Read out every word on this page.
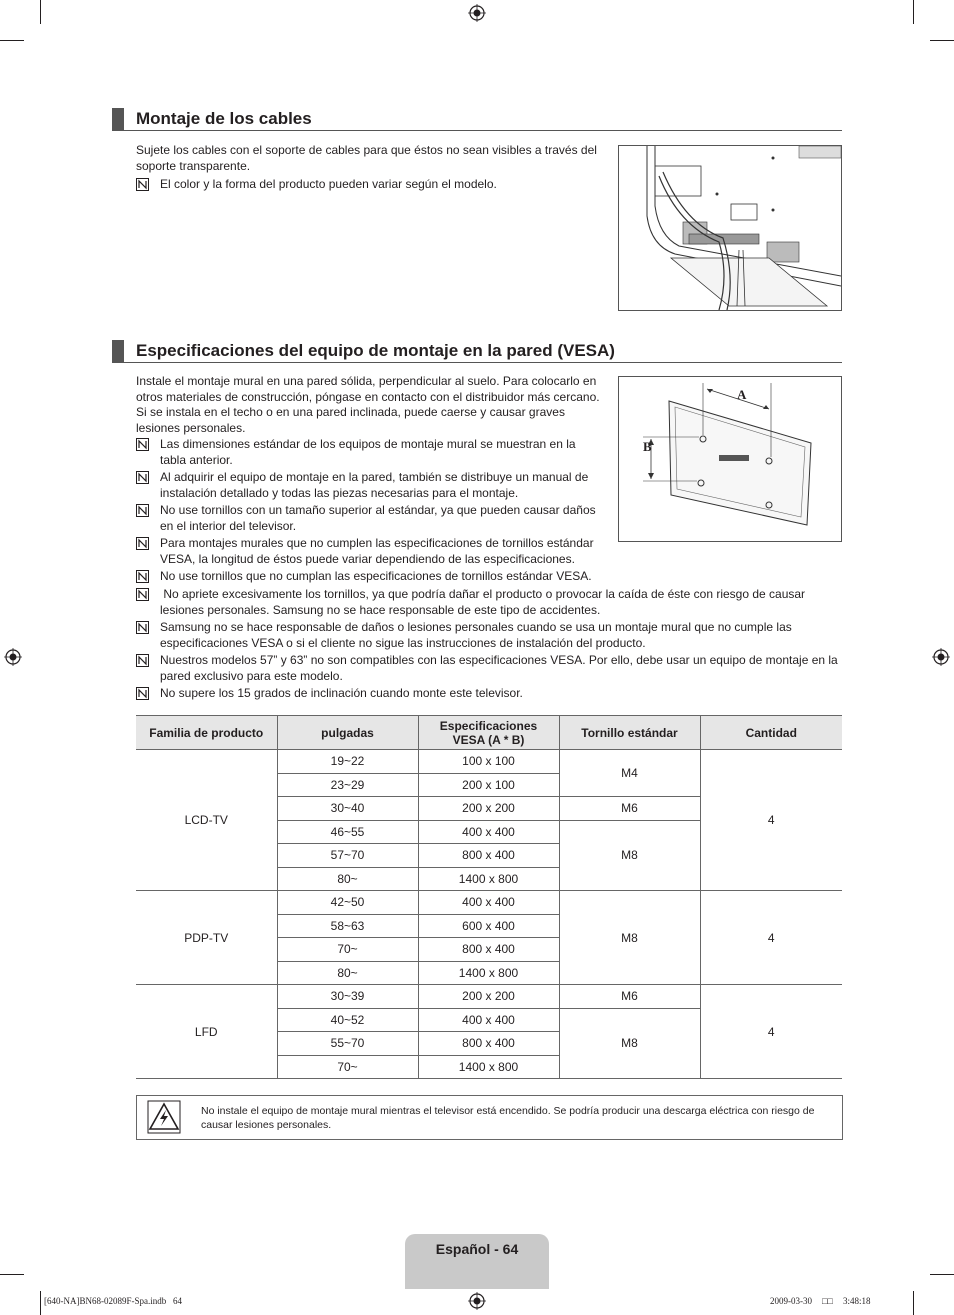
Montaje de los cables
Sujete los cables con el soporte de cables para que éstos no sean visibles a través del soporte transparente.
El color y la forma del producto pueden variar según el modelo.
Especificaciones del equipo de montaje en la pared (VESA)
Instale el montaje mural en una pared sólida, perpendicular al suelo. Para colocarlo en otros materiales de construcción, póngase en contacto con el distribuidor más cercano. Si se instala en el techo o en una pared inclinada, puede caerse y causar graves lesiones personales.
A
B
Las dimensiones estándar de los equipos de montaje mural se muestran en la tabla anterior.
Al adquirir el equipo de montaje en la pared, también se distribuye un manual de instalación detallado y todas las piezas necesarias para el montaje.
No use tornillos con un tamaño superior al estándar, ya que pueden causar daños en el interior del televisor.
Para montajes murales que no cumplen las especificaciones de tornillos estándar VESA, la longitud de éstos puede variar dependiendo de las especificaciones.
No use tornillos que no cumplan las especificaciones de tornillos estándar VESA.
No apriete excesivamente los tornillos, ya que podría dañar el producto o provocar la caída de éste con riesgo de causar lesiones personales. Samsung no se hace responsable de este tipo de accidentes.
Samsung no se hace responsable de daños o lesiones personales cuando se usa un montaje mural que no cumple las especificaciones VESA o si el cliente no sigue las instrucciones de instalación del producto.
Nuestros modelos 57” y 63” no son compatibles con las especificaciones VESA. Por ello, debe usar un equipo de montaje en la pared exclusivo para este modelo.
No supere los 15 grados de inclinación cuando monte este televisor.
Familia de producto	pulgadas	Especificaciones VESA (A * B)	Tornillo estándar	Cantidad
LCD-TV	19~22	100 x 100	M4	4
	23~29	200 x 100		
	30~40	200 x 200	M6	
	46~55	400 x 400	M8	
	57~70	800 x 400		
	80~	1400 x 800		
PDP-TV	42~50	400 x 400	M8	4
	58~63	600 x 400		
	70~	800 x 400		
	80~	1400 x 800		
LFD	30~39	200 x 200	M6	4
	40~52	400 x 400	M8	
	55~70	800 x 400		
	70~	1400 x 800		
No instale el equipo de montaje mural mientras el televisor está encendido. Se podría producir una descarga eléctrica con riesgo de causar lesiones personales.
Español - 64
[640-NA]BN68-02089F-Spa.indb   64	2009-03-30 □□ 3:48:18
